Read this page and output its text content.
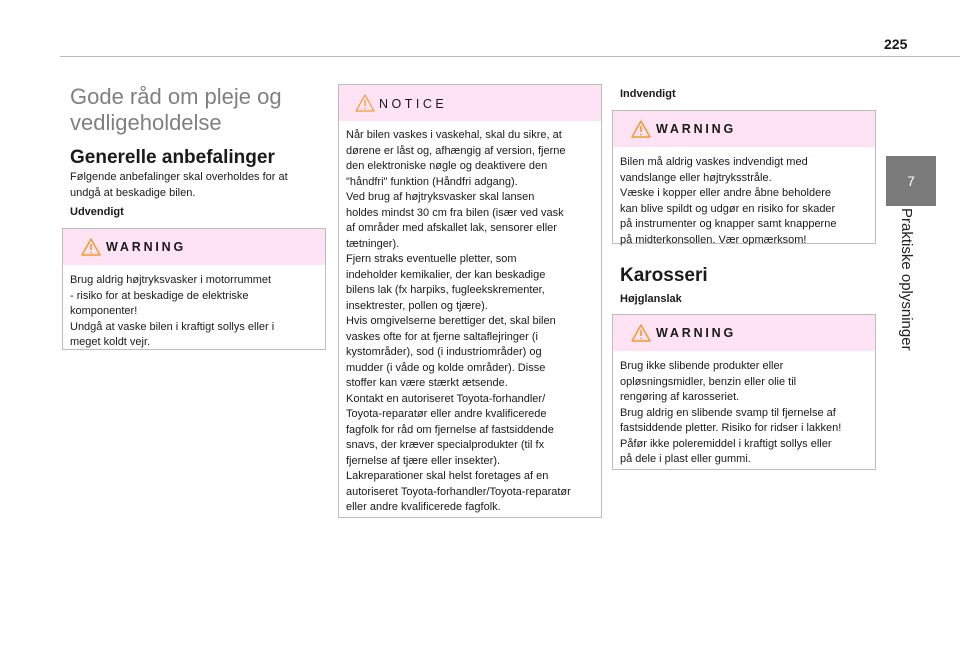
225
7
Praktiske oplysninger
Gode råd om pleje og
vedligeholdelse
Generelle anbefalinger
Følgende anbefalinger skal overholdes for at
undgå at beskadige bilen.
Udvendigt
WARNING
Brug aldrig højtryksvasker i motorrummet
- risiko for at beskadige de elektriske
komponenter!
Undgå at vaske bilen i kraftigt sollys eller i
meget koldt vejr.
NOTICE
Når bilen vaskes i vaskehal, skal du sikre, at
dørene er låst og, afhængig af version, fjerne
den elektroniske nøgle og deaktivere den
"håndfri" funktion (Håndfri adgang).
Ved brug af højtryksvasker skal lansen
holdes mindst 30 cm fra bilen (især ved vask
af områder med afskallet lak, sensorer eller
tætninger).
Fjern straks eventuelle pletter, som
indeholder kemikalier, der kan beskadige
bilens lak (fx harpiks, fugleekskrementer,
insektrester, pollen og tjære).
Hvis omgivelserne berettiger det, skal bilen
vaskes ofte for at fjerne saltaflejringer (i
kystområder), sod (i industriområder) og
mudder (i våde og kolde områder). Disse
stoffer kan være stærkt ætsende.
Kontakt en autoriseret Toyota-forhandler/
Toyota-reparatør eller andre kvalificerede
fagfolk for råd om fjernelse af fastsiddende
snavs, der kræver specialprodukter (til fx
fjernelse af tjære eller insekter).
Lakreparationer skal helst foretages af en
autoriseret Toyota-forhandler/Toyota-reparatør
eller andre kvalificerede fagfolk.
Indvendigt
WARNING
Bilen må aldrig vaskes indvendigt med
vandslange eller højtryksstråle.
Væske i kopper eller andre åbne beholdere
kan blive spildt og udgør en risiko for skader
på instrumenter og knapper samt knapperne
på midterkonsollen. Vær opmærksom!
Karosseri
Højglanslak
WARNING
Brug ikke slibende produkter eller
opløsningsmidler, benzin eller olie til
rengøring af karosseriet.
Brug aldrig en slibende svamp til fjernelse af
fastsiddende pletter. Risiko for ridser i lakken!
Påfør ikke poleremiddel i kraftigt sollys eller
på dele i plast eller gummi.
